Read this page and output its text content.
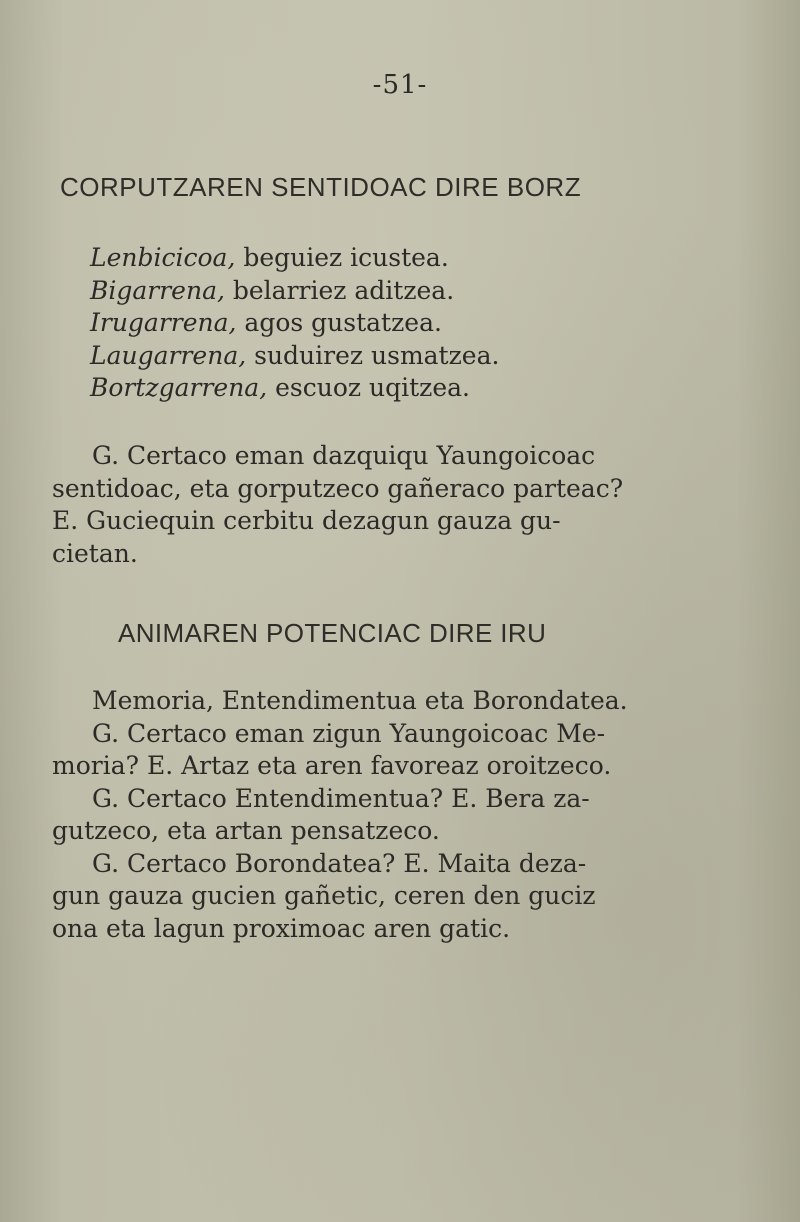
-51-
CORPUTZAREN SENTIDOAC DIRE BORZ
Lenbicicoa, beguiez icustea.
Bigarrena, belarriez aditzea.
Irugarrena, agos gustatzea.
Laugarrena, suduirez usmatzea.
Bortzgarrena, escuoz uqitzea.
G. Certaco eman dazquiqu Yaungoicoac
sentidoac, eta gorputzeco gañeraco parteac?
E. Guciequin cerbitu dezagun gauza gu-
cietan.
ANIMAREN POTENCIAC DIRE IRU
Memoria, Entendimentua eta Borondatea.
G. Certaco eman zigun Yaungoicoac Me-
moria? E. Artaz eta aren favoreaz oroitzeco.
G. Certaco Entendimentua? E. Bera za-
gutzeco, eta artan pensatzeco.
G. Certaco Borondatea? E. Maita deza-
gun gauza gucien gañetic, ceren den guciz
ona eta lagun proximoac aren gatic.
